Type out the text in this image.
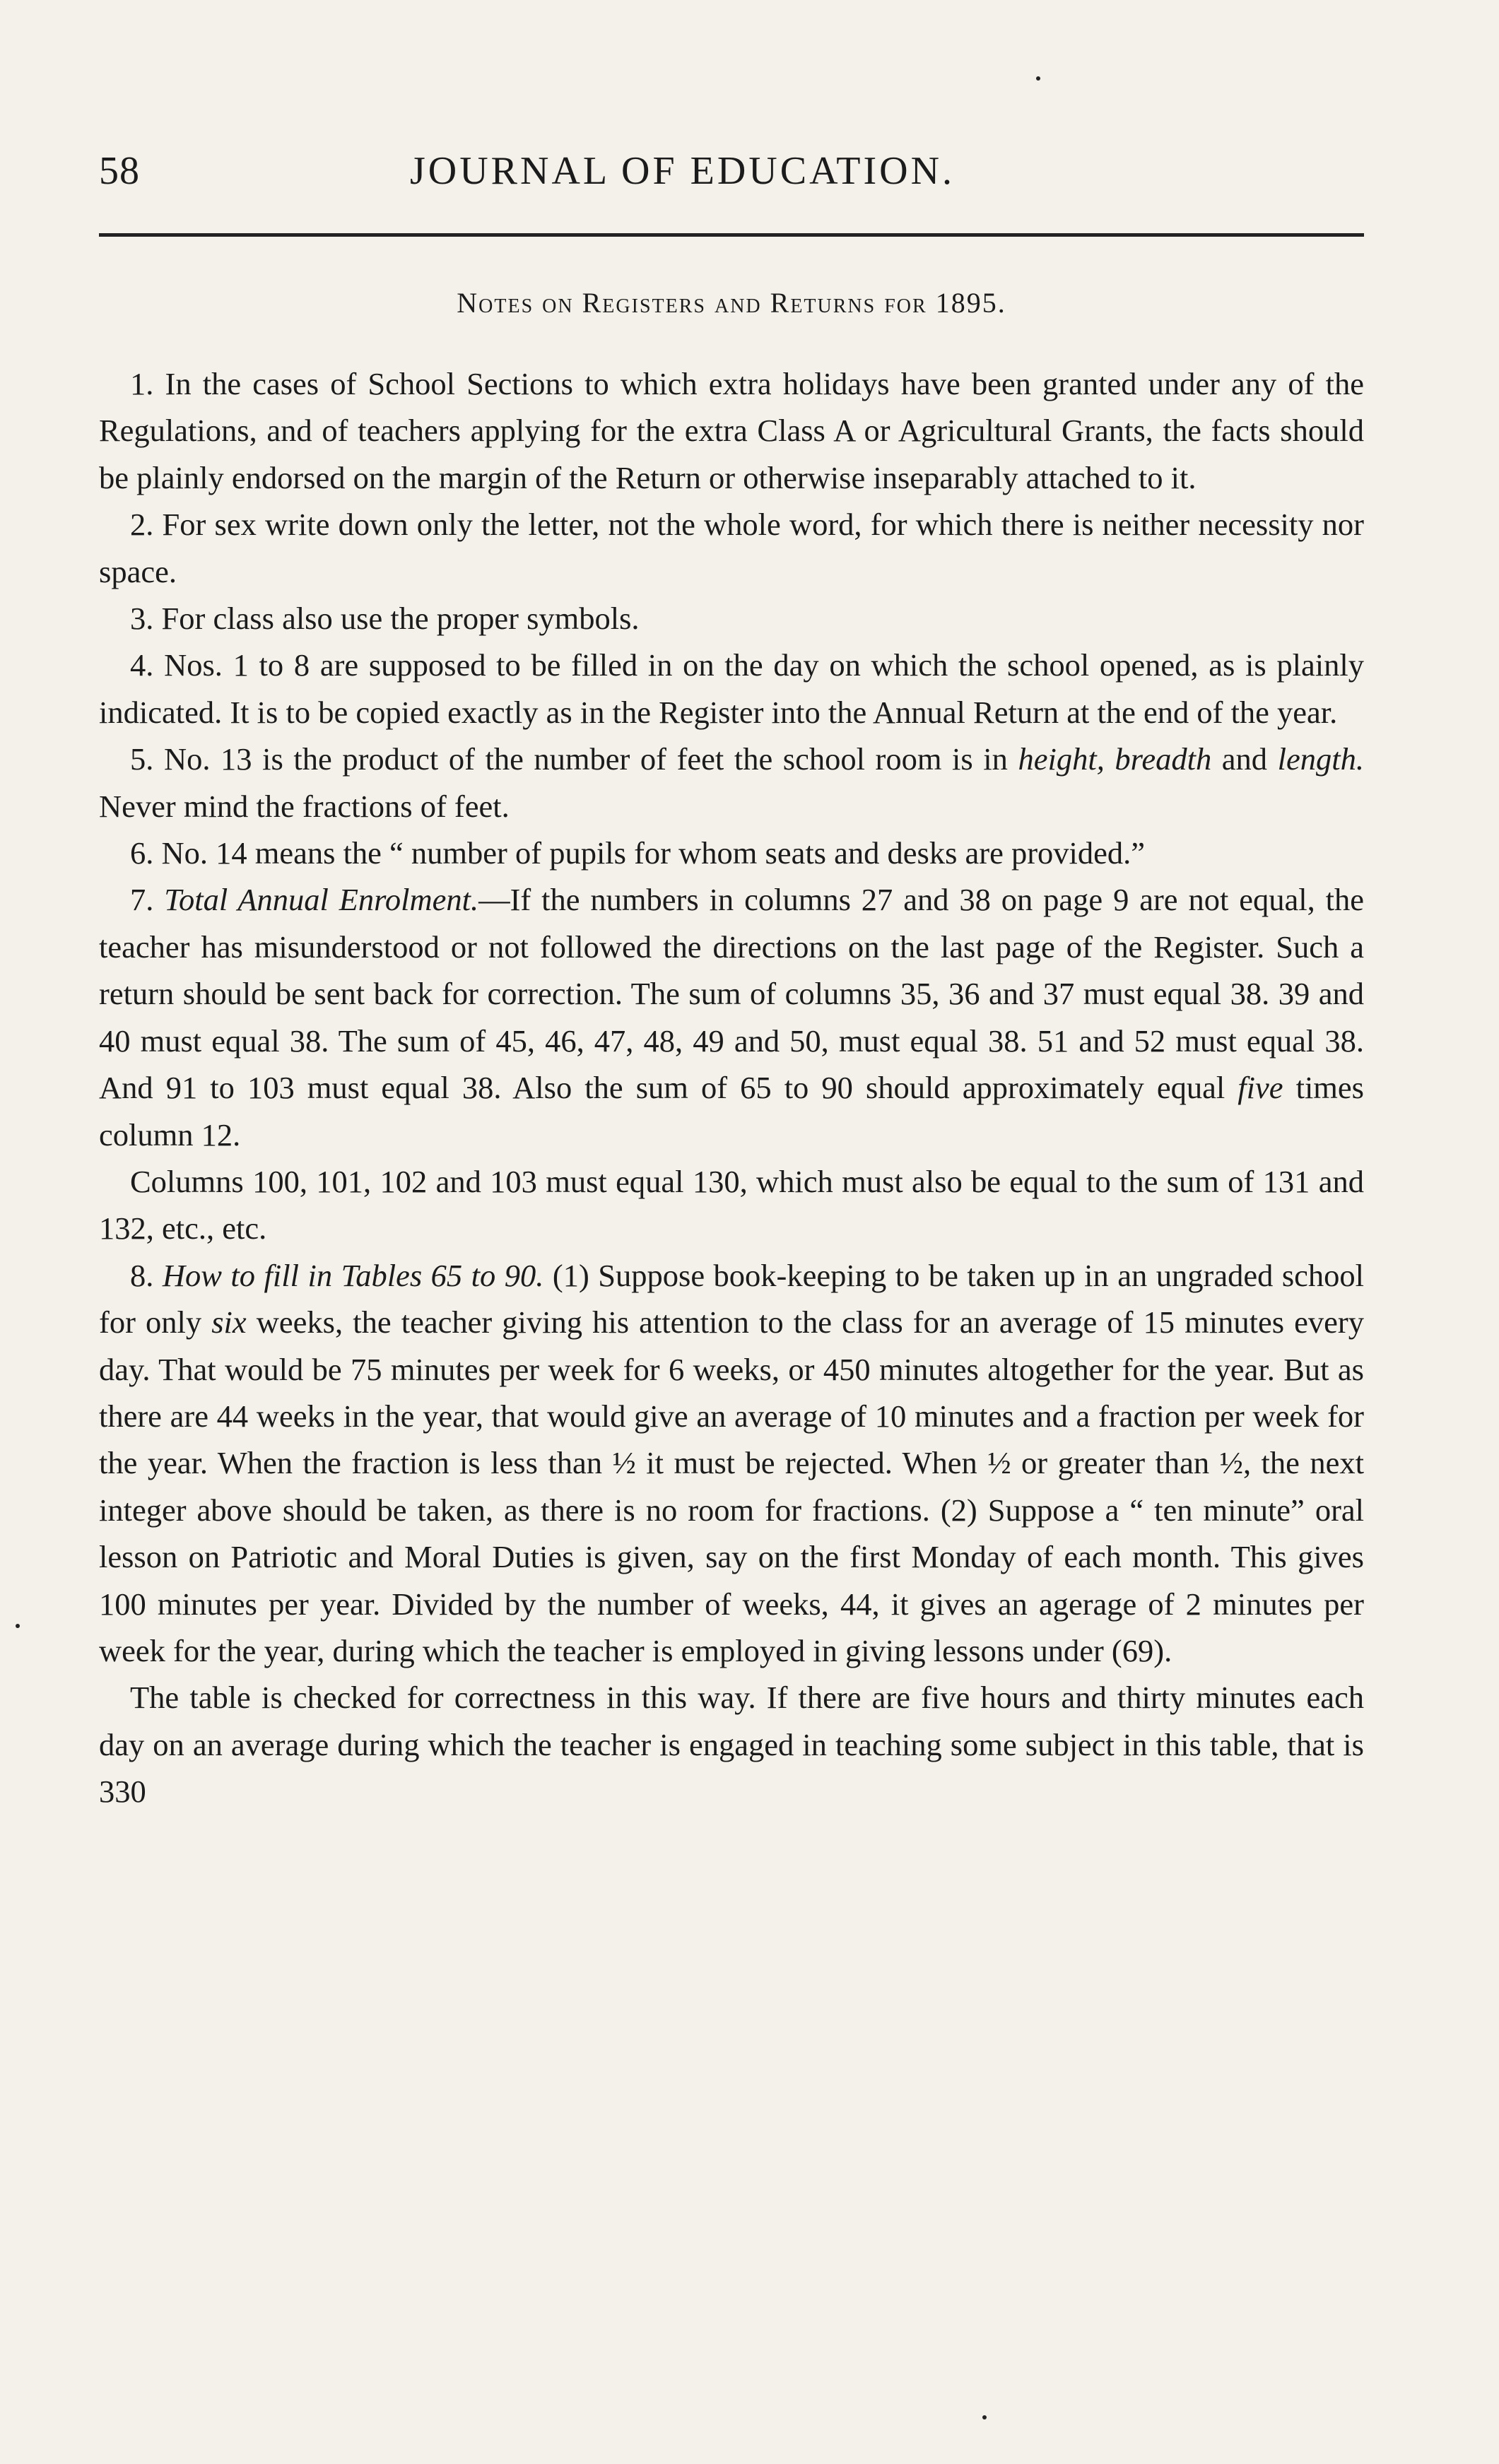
58	JOURNAL OF EDUCATION.
Notes on Registers and Returns for 1895.

1. In the cases of School Sections to which extra holidays have been granted under any of the Regulations, and of teachers applying for the extra Class A or Agricultural Grants, the facts should be plainly endorsed on the margin of the Return or otherwise inseparably attached to it.

2. For sex write down only the letter, not the whole word, for which there is neither necessity nor space.

3. For class also use the proper symbols.

4. Nos. 1 to 8 are supposed to be filled in on the day on which the school opened, as is plainly indicated. It is to be copied exactly as in the Register into the Annual Return at the end of the year.

5. No. 13 is the product of the number of feet the school room is in height, breadth and length. Never mind the fractions of feet.

6. No. 14 means the “ number of pupils for whom seats and desks are provided.”

7. Total Annual Enrolment.—If the numbers in columns 27 and 38 on page 9 are not equal, the teacher has misunderstood or not followed the directions on the last page of the Register. Such a return should be sent back for correction. The sum of columns 35, 36 and 37 must equal 38. 39 and 40 must equal 38. The sum of 45, 46, 47, 48, 49 and 50, must equal 38. 51 and 52 must equal 38. And 91 to 103 must equal 38. Also the sum of 65 to 90 should approximately equal five times column 12.

Columns 100, 101, 102 and 103 must equal 130, which must also be equal to the sum of 131 and 132, etc., etc.

8. How to fill in Tables 65 to 90. (1) Suppose book-keeping to be taken up in an ungraded school for only six weeks, the teacher giving his attention to the class for an average of 15 minutes every day. That would be 75 minutes per week for 6 weeks, or 450 minutes altogether for the year. But as there are 44 weeks in the year, that would give an average of 10 minutes and a fraction per week for the year. When the fraction is less than ½ it must be rejected. When ½ or greater than ½, the next integer above should be taken, as there is no room for fractions. (2) Suppose a “ ten minute” oral lesson on Patriotic and Moral Duties is given, say on the first Monday of each month. This gives 100 minutes per year. Divided by the number of weeks, 44, it gives an agerage of 2 minutes per week for the year, during which the teacher is employed in giving lessons under (69).

The table is checked for correctness in this way. If there are five hours and thirty minutes each day on an average during which the teacher is engaged in teaching some subject in this table, that is 330
